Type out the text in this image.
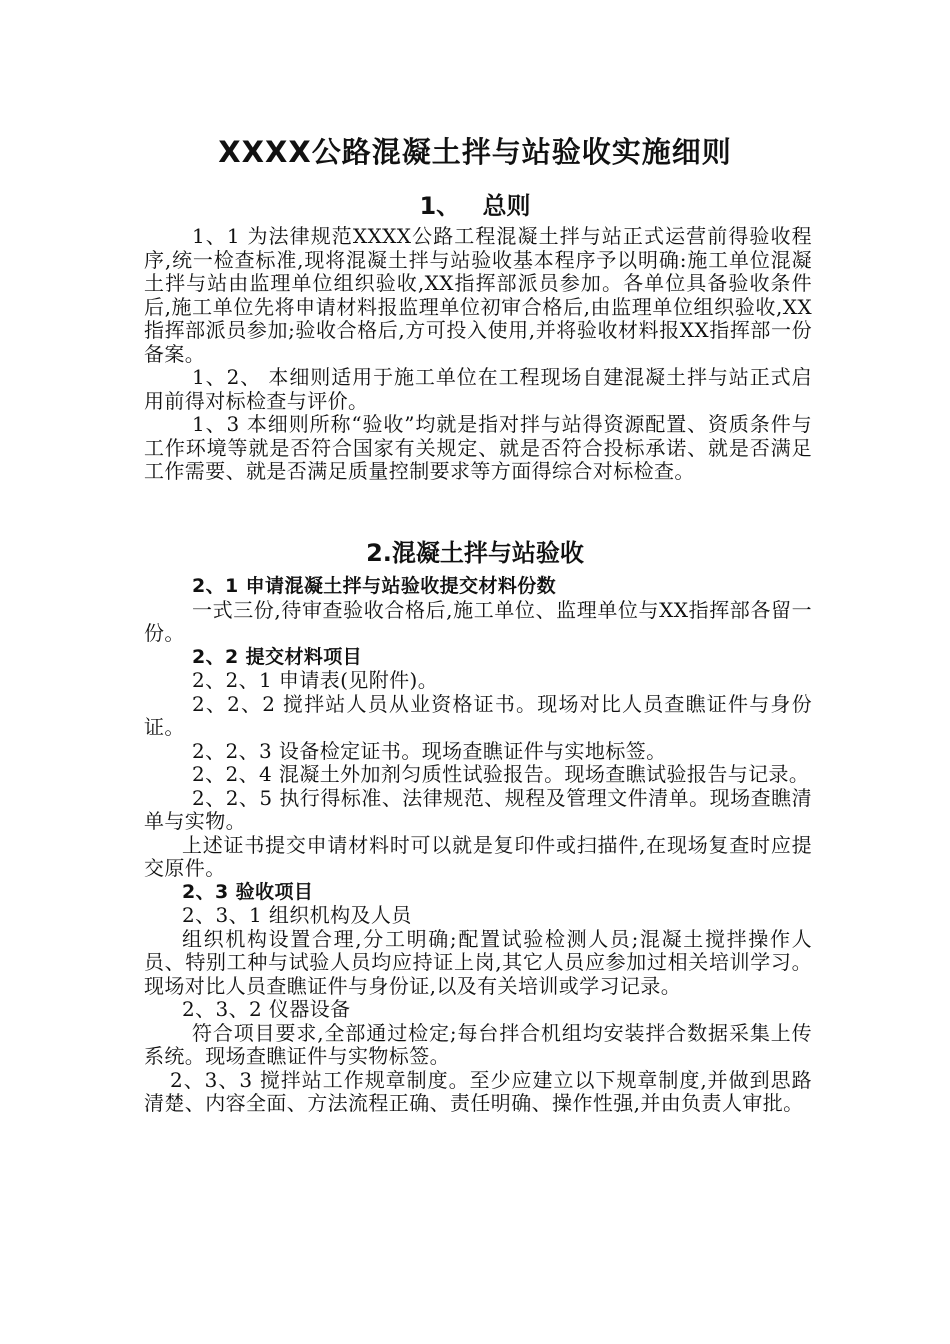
XXXX公路混凝土拌与站验收实施细则
1、 总则

1、1 为法律规范XXXX公路工程混凝土拌与站正式运营前得验收程序,统一检查标准,现将混凝土拌与站验收基本程序予以明确:施工单位混凝土拌与站由监理单位组织验收,XX指挥部派员参加。各单位具备验收条件后,施工单位先将申请材料报监理单位初审合格后,由监理单位组织验收,XX指挥部派员参加;验收合格后,方可投入使用,并将验收材料报XX指挥部一份备案。

1、2、 本细则适用于施工单位在工程现场自建混凝土拌与站正式启用前得对标检查与评价。

1、3 本细则所称“验收”均就是指对拌与站得资源配置、资质条件与工作环境等就是否符合国家有关规定、就是否符合投标承诺、就是否满足工作需要、就是否满足质量控制要求等方面得综合对标检查。

2.混凝土拌与站验收

2、1 申请混凝土拌与站验收提交材料份数

一式三份,待审查验收合格后,施工单位、监理单位与XX指挥部各留一份。

2、2 提交材料项目

2、2、1 申请表(见附件)。

2、2、2 搅拌站人员从业资格证书。现场对比人员查瞧证件与身份证。

2、2、3 设备检定证书。现场查瞧证件与实地标签。

2、2、4 混凝土外加剂匀质性试验报告。现场查瞧试验报告与记录。

2、2、5 执行得标准、法律规范、规程及管理文件清单。现场查瞧清单与实物。

上述证书提交申请材料时可以就是复印件或扫描件,在现场复查时应提交原件。

2、3 验收项目

2、3、1 组织机构及人员

组织机构设置合理,分工明确;配置试验检测人员;混凝土搅拌操作人员、特别工种与试验人员均应持证上岗,其它人员应参加过相关培训学习。现场对比人员查瞧证件与身份证,以及有关培训或学习记录。

2、3、2 仪器设备

符合项目要求,全部通过检定;每台拌合机组均安装拌合数据采集上传系统。现场查瞧证件与实物标签。

2、3、3 搅拌站工作规章制度。至少应建立以下规章制度,并做到思路清楚、内容全面、方法流程正确、责任明确、操作性强,并由负责人审批。
